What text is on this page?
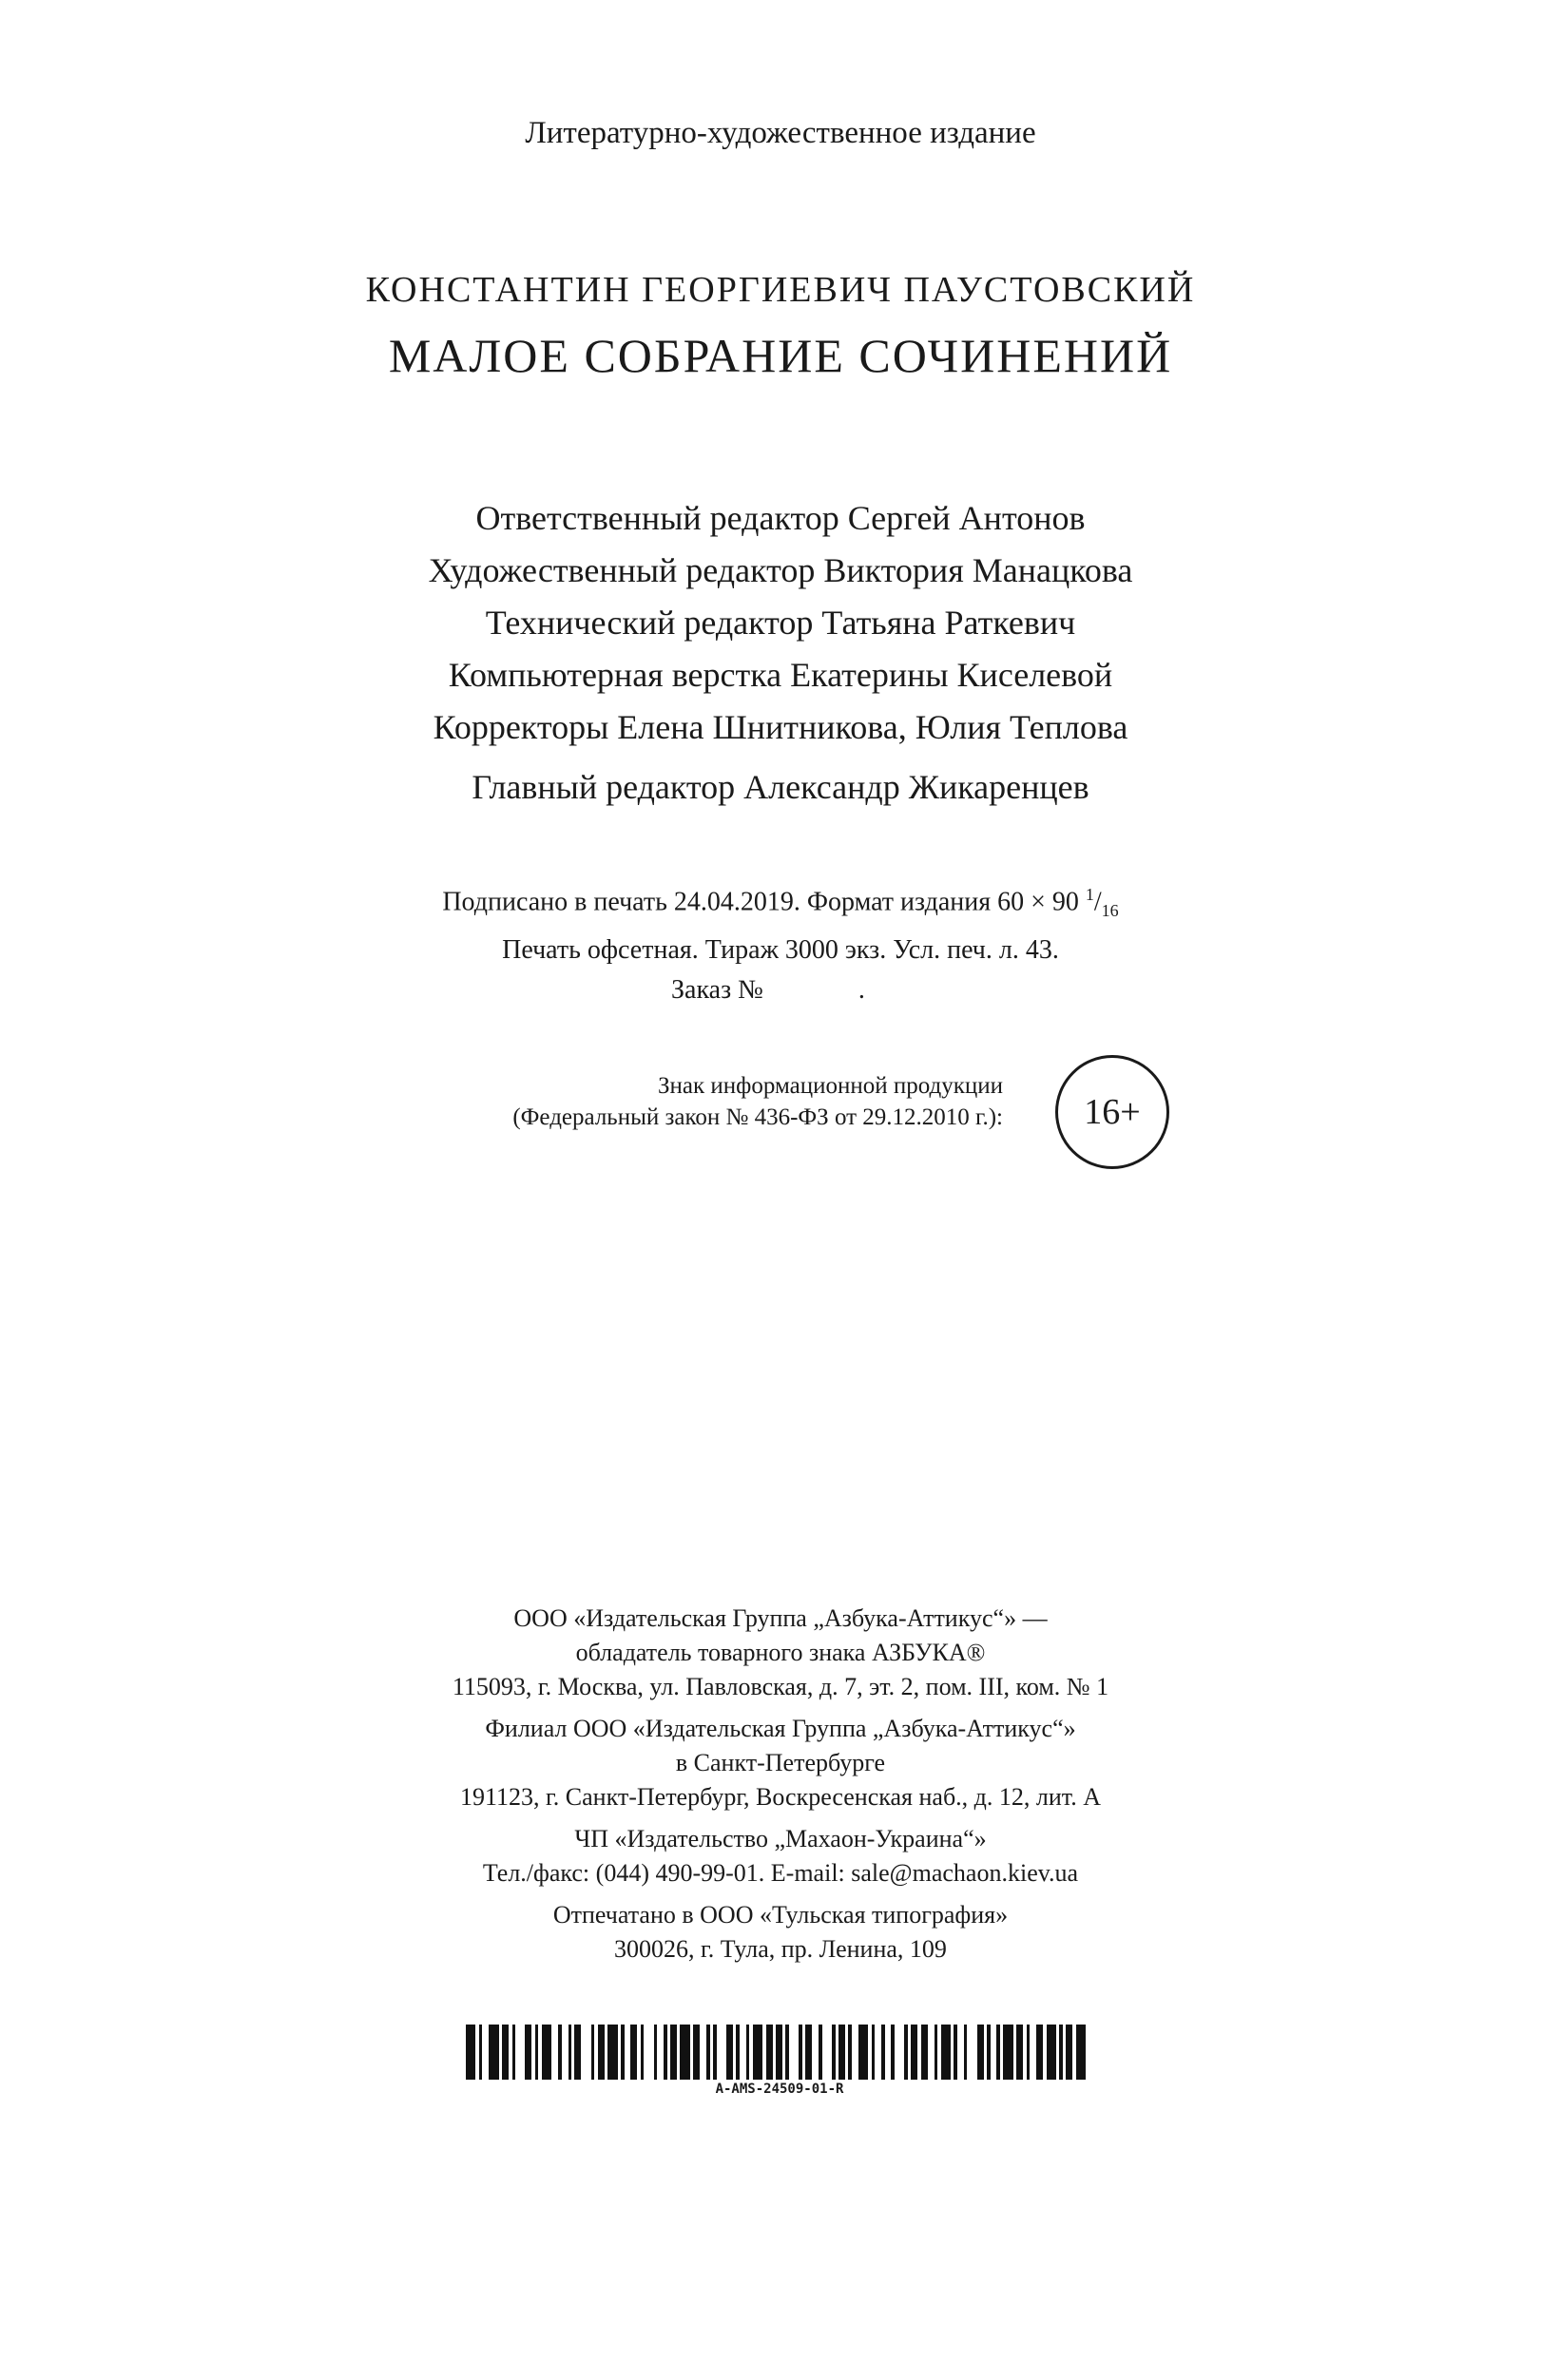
Литературно-художественное издание
КОНСТАНТИН ГЕОРГИЕВИЧ ПАУСТОВСКИЙ
МАЛОЕ СОБРАНИЕ СОЧИНЕНИЙ
Ответственный редактор Сергей Антонов
Художественный редактор Виктория Манацкова
Технический редактор Татьяна Раткевич
Компьютерная верстка Екатерины Киселевой
Корректоры Елена Шнитникова, Юлия Теплова
Главный редактор Александр Жикаренцев
Подписано в печать 24.04.2019. Формат издания 60 × 90 $^1/_{16}$
Печать офсетная. Тираж 3000 экз. Усл. печ. л. 43.
Заказ №	.
Знак информационной продукции
(Федеральный закон № 436-ФЗ от 29.12.2010 г.):	16+
ООО «Издательская Группа „Азбука-Аттикус“» —
обладатель товарного знака АЗБУКА®
115093, г. Москва, ул. Павловская, д. 7, эт. 2, пом. III, ком. № 1
Филиал ООО «Издательская Группа „Азбука-Аттикус“»
в Санкт-Петербурге
191123, г. Санкт-Петербург, Воскресенская наб., д. 12, лит. А
ЧП «Издательство „Махаон-Украина“»
Тел./факс: (044) 490-99-01. E-mail: sale@machaon.kiev.ua
Отпечатано в ООО «Тульская типография»
300026, г. Тула, пр. Ленина, 109
A-AMS-24509-01-R
